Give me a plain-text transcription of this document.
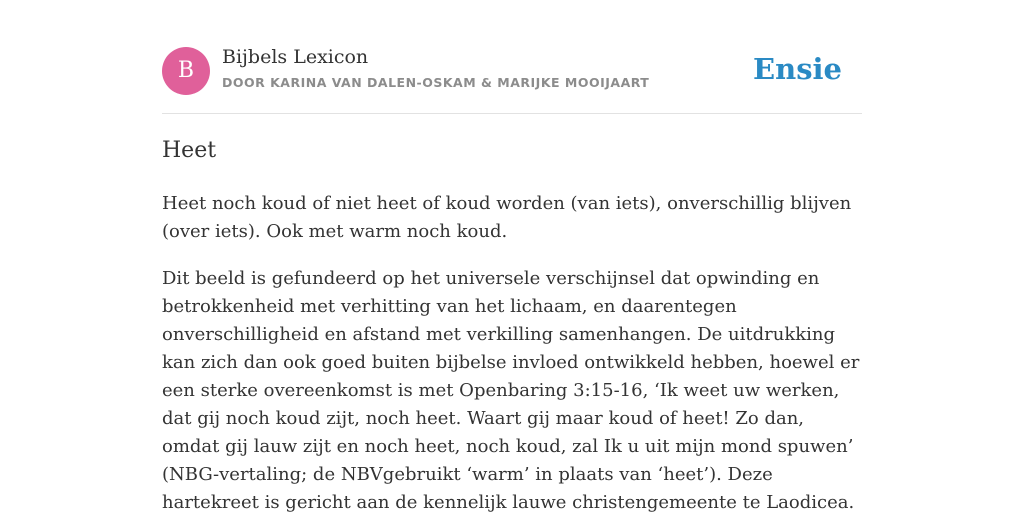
B
Bijbels Lexicon
DOOR KARINA VAN DALEN-OSKAM & MARIJKE MOOIJAART	Ensie
Heet

Heet noch koud of niet heet of koud worden (van iets), onverschillig blijven (over iets). Ook met warm noch koud.

Dit beeld is gefundeerd op het universele verschijnsel dat opwinding en betrokkenheid met verhitting van het lichaam, en daarentegen onverschilligheid en afstand met verkilling samenhangen. De uitdrukking kan zich dan ook goed buiten bijbelse invloed ontwikkeld hebben, hoewel er een sterke overeenkomst is met Openbaring 3:15-16, ‘Ik weet uw werken, dat gij noch koud zijt, noch heet. Waart gij maar koud of heet! Zo dan, omdat gij lauw zijt en noch heet, noch koud, zal Ik u uit mijn mond spuwen’ (NBG-vertaling; de NBVgebruikt ‘warm’ in plaats van ‘heet’). Deze hartekreet is gericht aan de kennelijk lauwe christengemeente te Laodicea.
